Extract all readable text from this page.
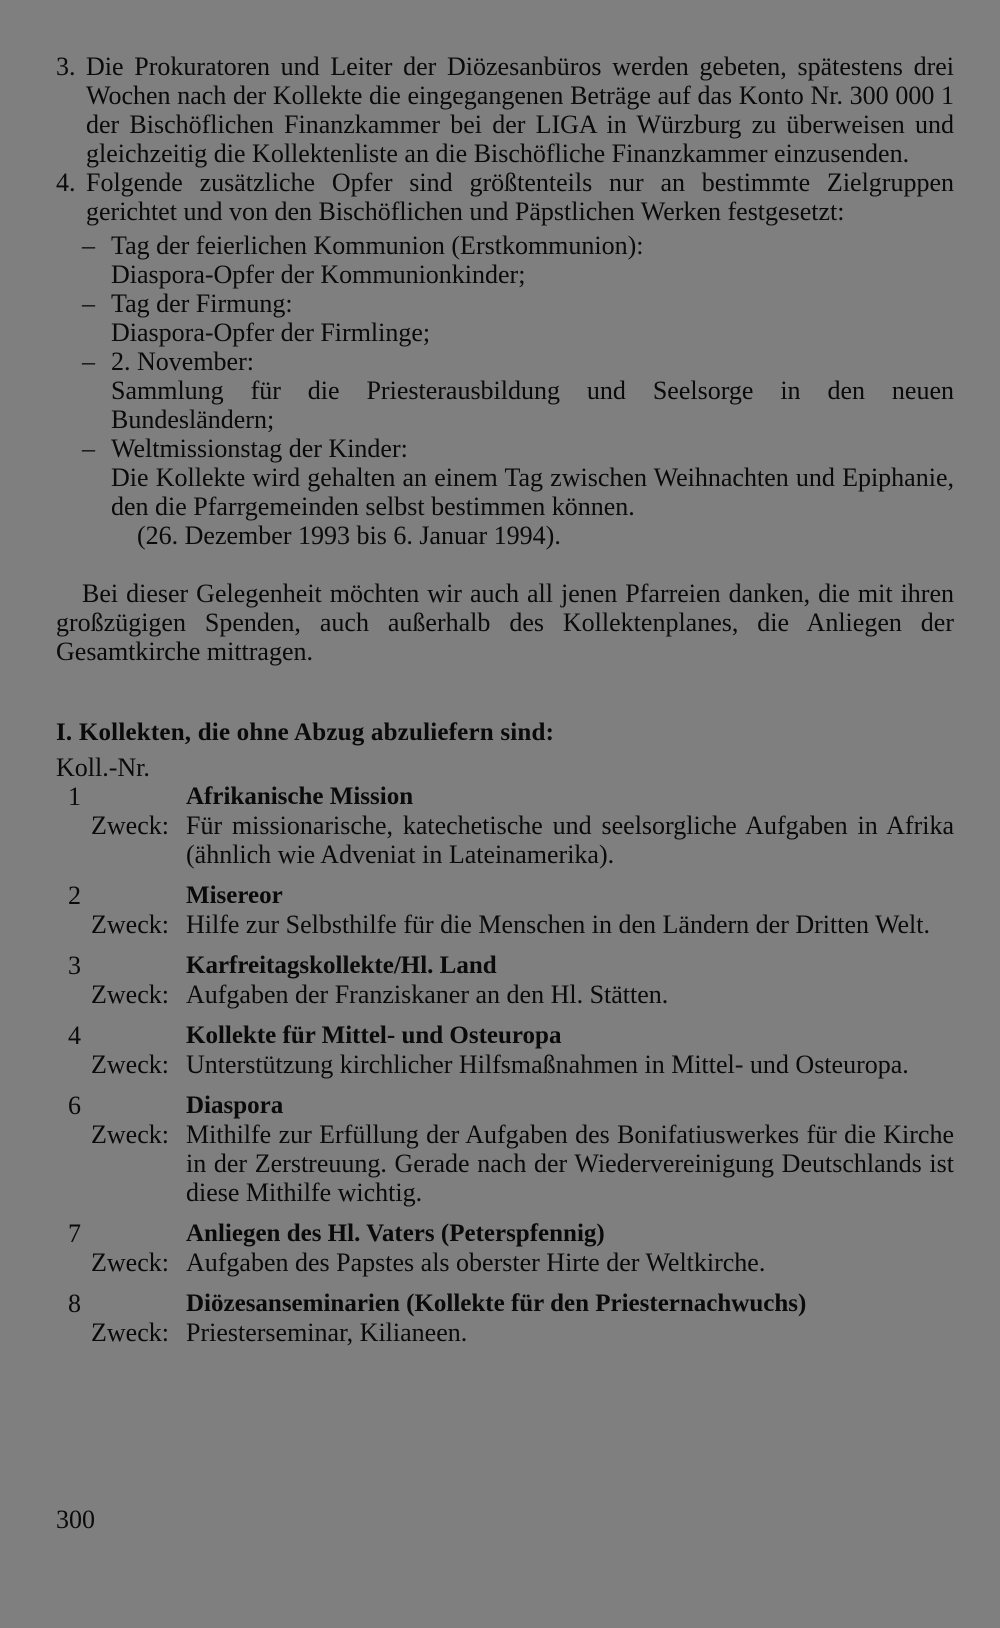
3. Die Prokuratoren und Leiter der Diözesanbüros werden gebeten, spätestens drei Wochen nach der Kollekte die eingegangenen Beträge auf das Konto Nr. 300 000 1 der Bischöflichen Finanzkammer bei der LIGA in Würzburg zu überweisen und gleichzeitig die Kollektenliste an die Bischöfliche Finanzkammer einzusenden.
4. Folgende zusätzliche Opfer sind größtenteils nur an bestimmte Zielgruppen gerichtet und von den Bischöflichen und Päpstlichen Werken festgesetzt:
– Tag der feierlichen Kommunion (Erstkommunion):
Diaspora-Opfer der Kommunionkinder;
– Tag der Firmung:
Diaspora-Opfer der Firmlinge;
– 2. November:
Sammlung für die Priesterausbildung und Seelsorge in den neuen Bundesländern;
– Weltmissionstag der Kinder:
Die Kollekte wird gehalten an einem Tag zwischen Weihnachten und Epiphanie, den die Pfarrgemeinden selbst bestimmen können.
(26. Dezember 1993 bis 6. Januar 1994).
Bei dieser Gelegenheit möchten wir auch all jenen Pfarreien danken, die mit ihren großzügigen Spenden, auch außerhalb des Kollektenplanes, die Anliegen der Gesamtkirche mittragen.
I. Kollekten, die ohne Abzug abzuliefern sind:
Koll.-Nr.
1	Afrikanische Mission
Zweck: Für missionarische, katechetische und seelsorgliche Aufgaben in Afrika (ähnlich wie Adveniat in Lateinamerika).
2	Misereor
Zweck: Hilfe zur Selbsthilfe für die Menschen in den Ländern der Dritten Welt.
3	Karfreitagskollekte/Hl. Land
Zweck: Aufgaben der Franziskaner an den Hl. Stätten.
4	Kollekte für Mittel- und Osteuropa
Zweck: Unterstützung kirchlicher Hilfsmaßnahmen in Mittel- und Osteuropa.
6	Diaspora
Zweck: Mithilfe zur Erfüllung der Aufgaben des Bonifatiuswerkes für die Kirche in der Zerstreuung. Gerade nach der Wiedervereinigung Deutschlands ist diese Mithilfe wichtig.
7	Anliegen des Hl. Vaters (Peterspfennig)
Zweck: Aufgaben des Papstes als oberster Hirte der Weltkirche.
8	Diözesanseminarien (Kollekte für den Priesternachwuchs)
Zweck: Priesterseminar, Kilianeen.
300
